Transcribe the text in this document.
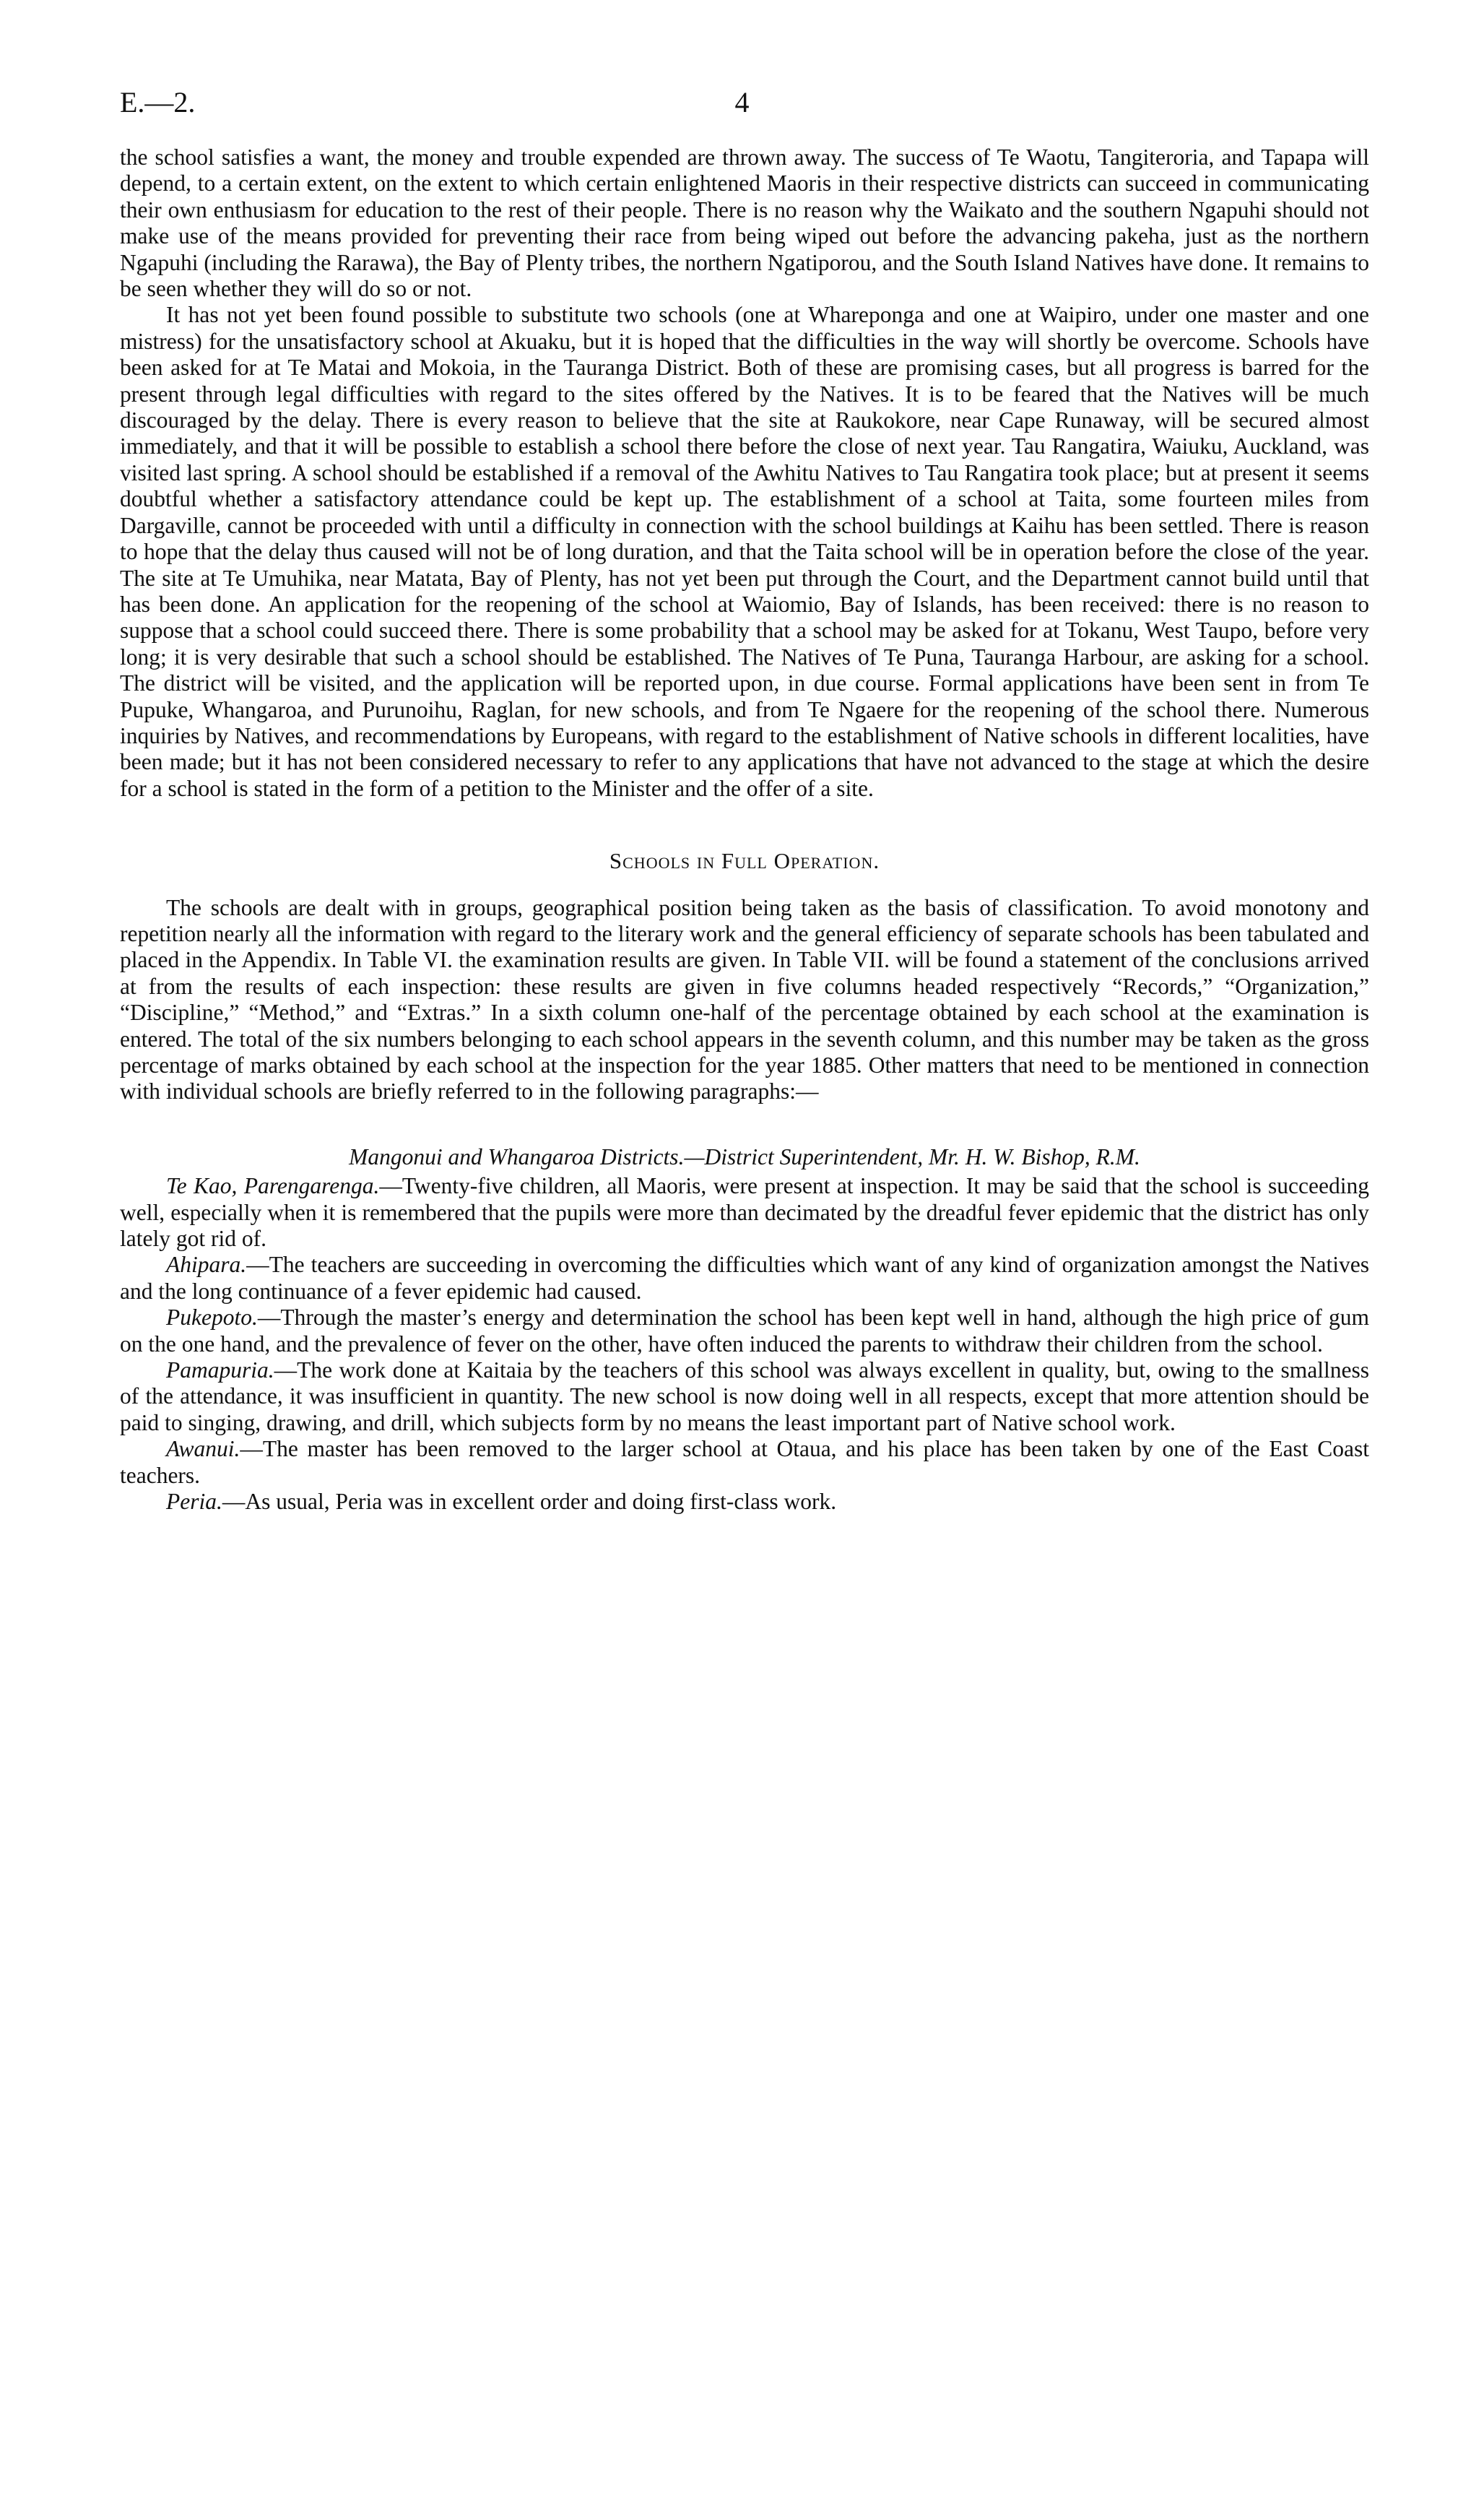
E.—2.	4

the school satisfies a want, the money and trouble expended are thrown away. The success of Te Waotu, Tangiteroria, and Tapapa will depend, to a certain extent, on the extent to which certain enlightened Maoris in their respective districts can succeed in communicating their own enthusiasm for education to the rest of their people. There is no reason why the Waikato and the southern Ngapuhi should not make use of the means provided for preventing their race from being wiped out before the advancing pakeha, just as the northern Ngapuhi (including the Rarawa), the Bay of Plenty tribes, the northern Ngatiporou, and the South Island Natives have done. It remains to be seen whether they will do so or not.

It has not yet been found possible to substitute two schools (one at Whareponga and one at Waipiro, under one master and one mistress) for the unsatisfactory school at Akuaku, but it is hoped that the difficulties in the way will shortly be overcome. Schools have been asked for at Te Matai and Mokoia, in the Tauranga District. Both of these are promising cases, but all progress is barred for the present through legal difficulties with regard to the sites offered by the Natives. It is to be feared that the Natives will be much discouraged by the delay. There is every reason to believe that the site at Raukokore, near Cape Runaway, will be secured almost immediately, and that it will be possible to establish a school there before the close of next year. Tau Rangatira, Waiuku, Auckland, was visited last spring. A school should be established if a removal of the Awhitu Natives to Tau Rangatira took place; but at present it seems doubtful whether a satisfactory attendance could be kept up. The establishment of a school at Taita, some fourteen miles from Dargaville, cannot be proceeded with until a difficulty in connection with the school buildings at Kaihu has been settled. There is reason to hope that the delay thus caused will not be of long duration, and that the Taita school will be in operation before the close of the year. The site at Te Umuhika, near Matata, Bay of Plenty, has not yet been put through the Court, and the Department cannot build until that has been done. An application for the reopening of the school at Waiomio, Bay of Islands, has been received: there is no reason to suppose that a school could succeed there. There is some probability that a school may be asked for at Tokanu, West Taupo, before very long; it is very desirable that such a school should be established. The Natives of Te Puna, Tauranga Harbour, are asking for a school. The district will be visited, and the application will be reported upon, in due course. Formal applications have been sent in from Te Pupuke, Whangaroa, and Purunoihu, Raglan, for new schools, and from Te Ngaere for the reopening of the school there. Numerous inquiries by Natives, and recommendations by Europeans, with regard to the establishment of Native schools in different localities, have been made; but it has not been considered necessary to refer to any applications that have not advanced to the stage at which the desire for a school is stated in the form of a petition to the Minister and the offer of a site.

Schools in Full Operation.

The schools are dealt with in groups, geographical position being taken as the basis of classification. To avoid monotony and repetition nearly all the information with regard to the literary work and the general efficiency of separate schools has been tabulated and placed in the Appendix. In Table VI. the examination results are given. In Table VII. will be found a statement of the conclusions arrived at from the results of each inspection: these results are given in five columns headed respectively “Records,” “Organization,” “Discipline,” “Method,” and “Extras.” In a sixth column one-half of the percentage obtained by each school at the examination is entered. The total of the six numbers belonging to each school appears in the seventh column, and this number may be taken as the gross percentage of marks obtained by each school at the inspection for the year 1885. Other matters that need to be mentioned in connection with individual schools are briefly referred to in the following paragraphs:—

Mangonui and Whangaroa Districts.—District Superintendent, Mr. H. W. Bishop, R.M.

Te Kao, Parengarenga.—Twenty-five children, all Maoris, were present at inspection. It may be said that the school is succeeding well, especially when it is remembered that the pupils were more than decimated by the dreadful fever epidemic that the district has only lately got rid of.

Ahipara.—The teachers are succeeding in overcoming the difficulties which want of any kind of organization amongst the Natives and the long continuance of a fever epidemic had caused.

Pukepoto.—Through the master’s energy and determination the school has been kept well in hand, although the high price of gum on the one hand, and the prevalence of fever on the other, have often induced the parents to withdraw their children from the school.

Pamapuria.—The work done at Kaitaia by the teachers of this school was always excellent in quality, but, owing to the smallness of the attendance, it was insufficient in quantity. The new school is now doing well in all respects, except that more attention should be paid to singing, drawing, and drill, which subjects form by no means the least important part of Native school work.

Awanui.—The master has been removed to the larger school at Otaua, and his place has been taken by one of the East Coast teachers.

Peria.—As usual, Peria was in excellent order and doing first-class work.
